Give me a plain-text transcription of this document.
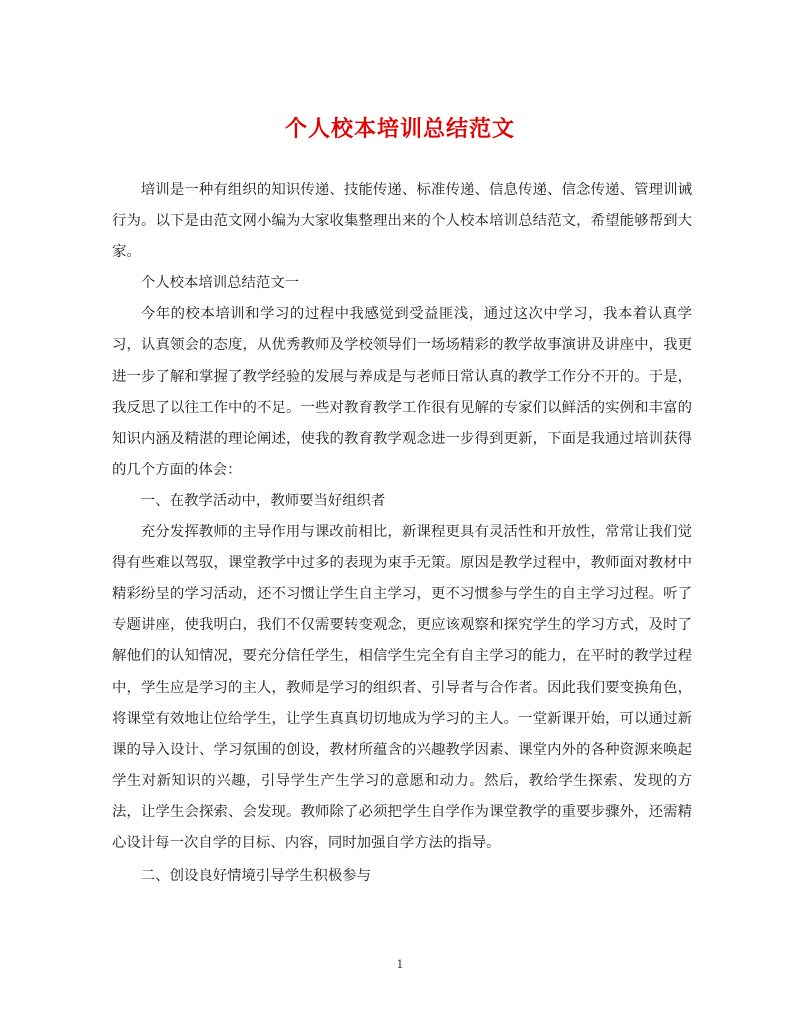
个人校本培训总结范文

培训是一种有组织的知识传递、技能传递、标准传递、信息传递、信念传递、管理训诫行为。以下是由范文网小编为大家收集整理出来的个人校本培训总结范文，希望能够帮到大家。

个人校本培训总结范文一

今年的校本培训和学习的过程中我感觉到受益匪浅，通过这次中学习，我本着认真学习，认真领会的态度，从优秀教师及学校领导们一场场精彩的教学故事演讲及讲座中，我更进一步了解和掌握了教学经验的发展与养成是与老师日常认真的教学工作分不开的。于是，我反思了以往工作中的不足。一些对教育教学工作很有见解的专家们以鲜活的实例和丰富的知识内涵及精湛的理论阐述，使我的教育教学观念进一步得到更新，下面是我通过培训获得的几个方面的体会：

一、在教学活动中，教师要当好组织者

充分发挥教师的主导作用与课改前相比，新课程更具有灵活性和开放性，常常让我们觉得有些难以驾驭，课堂教学中过多的表现为束手无策。原因是教学过程中，教师面对教材中精彩纷呈的学习活动，还不习惯让学生自主学习，更不习惯参与学生的自主学习过程。听了专题讲座，使我明白，我们不仅需要转变观念，更应该观察和探究学生的学习方式，及时了解他们的认知情况，要充分信任学生，相信学生完全有自主学习的能力，在平时的教学过程中，学生应是学习的主人，教师是学习的组织者、引导者与合作者。因此我们要变换角色，将课堂有效地让位给学生，让学生真真切切地成为学习的主人。一堂新课开始，可以通过新课的导入设计、学习氛围的创设，教材所蕴含的兴趣教学因素、课堂内外的各种资源来唤起学生对新知识的兴趣，引导学生产生学习的意愿和动力。然后，教给学生探索、发现的方法，让学生会探索、会发现。教师除了必须把学生自学作为课堂教学的重要步骤外，还需精心设计每一次自学的目标、内容，同时加强自学方法的指导。

二、创设良好情境引导学生积极参与

1
